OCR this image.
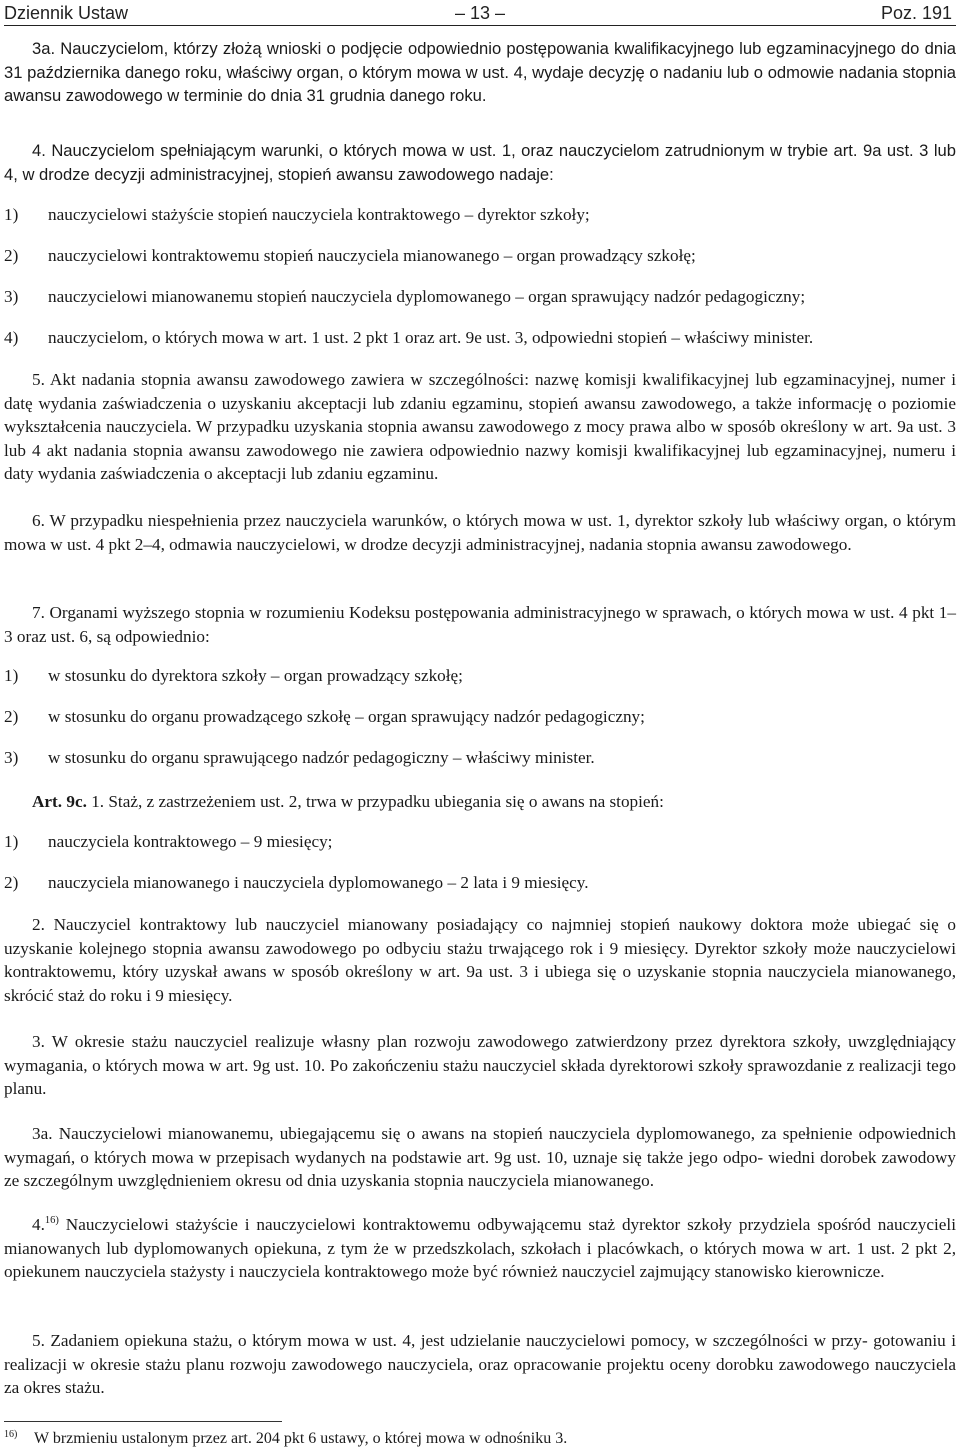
Dziennik Ustaw	– 13 –	Poz. 191

3a. Nauczycielom, którzy złożą wnioski o podjęcie odpowiednio postępowania kwalifikacyjnego lub egzaminacyjnego do dnia 31 października danego roku, właściwy organ, o którym mowa w ust. 4, wydaje decyzję o nadaniu lub o odmowie nadania stopnia awansu zawodowego w terminie do dnia 31 grudnia danego roku.

4. Nauczycielom spełniającym warunki, o których mowa w ust. 1, oraz nauczycielom zatrudnionym w trybie art. 9a ust. 3 lub 4, w drodze decyzji administracyjnej, stopień awansu zawodowego nadaje:

1) nauczycielowi stażyście stopień nauczyciela kontraktowego – dyrektor szkoły;
2) nauczycielowi kontraktowemu stopień nauczyciela mianowanego – organ prowadzący szkołę;
3) nauczycielowi mianowanemu stopień nauczyciela dyplomowanego – organ sprawujący nadzór pedagogiczny;
4) nauczycielom, o których mowa w art. 1 ust. 2 pkt 1 oraz art. 9e ust. 3, odpowiedni stopień – właściwy minister.

5. Akt nadania stopnia awansu zawodowego zawiera w szczególności: nazwę komisji kwalifikacyjnej lub egzaminacyjnej, numer i datę wydania zaświadczenia o uzyskaniu akceptacji lub zdaniu egzaminu, stopień awansu zawodowego, a także informację o poziomie wykształcenia nauczyciela. W przypadku uzyskania stopnia awansu zawodowego z mocy prawa albo w sposób określony w art. 9a ust. 3 lub 4 akt nadania stopnia awansu zawodowego nie zawiera odpowiednio nazwy komisji kwalifikacyjnej lub egzaminacyjnej, numeru i daty wydania zaświadczenia o akceptacji lub zdaniu egzaminu.

6. W przypadku niespełnienia przez nauczyciela warunków, o których mowa w ust. 1, dyrektor szkoły lub właściwy organ, o którym mowa w ust. 4 pkt 2–4, odmawia nauczycielowi, w drodze decyzji administracyjnej, nadania stopnia awansu zawodowego.

7. Organami wyższego stopnia w rozumieniu Kodeksu postępowania administracyjnego w sprawach, o których mowa w ust. 4 pkt 1–3 oraz ust. 6, są odpowiednio:

1) w stosunku do dyrektora szkoły – organ prowadzący szkołę;
2) w stosunku do organu prowadzącego szkołę – organ sprawujący nadzór pedagogiczny;
3) w stosunku do organu sprawującego nadzór pedagogiczny – właściwy minister.

Art. 9c. 1. Staż, z zastrzeżeniem ust. 2, trwa w przypadku ubiegania się o awans na stopień:

1) nauczyciela kontraktowego – 9 miesięcy;
2) nauczyciela mianowanego i nauczyciela dyplomowanego – 2 lata i 9 miesięcy.

2. Nauczyciel kontraktowy lub nauczyciel mianowany posiadający co najmniej stopień naukowy doktora może ubiegać się o uzyskanie kolejnego stopnia awansu zawodowego po odbyciu stażu trwającego rok i 9 miesięcy. Dyrektor szkoły może nauczycielowi kontraktowemu, który uzyskał awans w sposób określony w art. 9a ust. 3 i ubiega się o uzyskanie stopnia nauczyciela mianowanego, skrócić staż do roku i 9 miesięcy.

3. W okresie stażu nauczyciel realizuje własny plan rozwoju zawodowego zatwierdzony przez dyrektora szkoły, uwzględniający wymagania, o których mowa w art. 9g ust. 10. Po zakończeniu stażu nauczyciel składa dyrektorowi szkoły sprawozdanie z realizacji tego planu.

3a. Nauczycielowi mianowanemu, ubiegającemu się o awans na stopień nauczyciela dyplomowanego, za spełnienie odpowiednich wymagań, o których mowa w przepisach wydanych na podstawie art. 9g ust. 10, uznaje się także jego odpo- wiedni dorobek zawodowy ze szczególnym uwzględnieniem okresu od dnia uzyskania stopnia nauczyciela mianowanego.

4.$^{16)}$ Nauczycielowi stażyście i nauczycielowi kontraktowemu odbywającemu staż dyrektor szkoły przydziela spośród nauczycieli mianowanych lub dyplomowanych opiekuna, z tym że w przedszkolach, szkołach i placówkach, o których mowa w art. 1 ust. 2 pkt 2, opiekunem nauczyciela stażysty i nauczyciela kontraktowego może być również nauczyciel zajmujący stanowisko kierownicze.

5. Zadaniem opiekuna stażu, o którym mowa w ust. 4, jest udzielanie nauczycielowi pomocy, w szczególności w przy- gotowaniu i realizacji w okresie stażu planu rozwoju zawodowego nauczyciela, oraz opracowanie projektu oceny dorobku zawodowego nauczyciela za okres stażu.

16) W brzmieniu ustalonym przez art. 204 pkt 6 ustawy, o której mowa w odnośniku 3.
